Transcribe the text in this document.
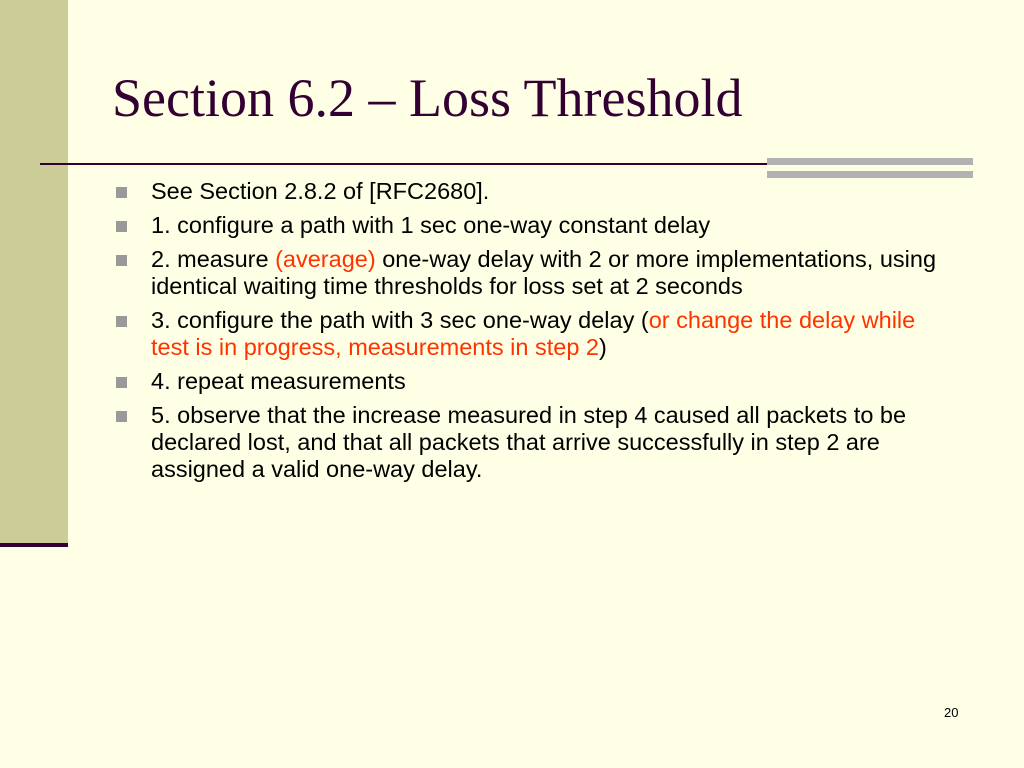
Section 6.2 – Loss Threshold
See Section 2.8.2 of [RFC2680].
1. configure a path with 1 sec one-way constant delay
2. measure (average) one-way delay with 2 or more implementations, using identical waiting time thresholds for loss set at 2 seconds
3. configure the path with 3 sec one-way delay (or change the delay while test is in progress, measurements in step 2)
4. repeat measurements
5. observe that the increase measured in step 4 caused all packets to be declared lost, and that all packets that arrive successfully in step 2 are assigned a valid one-way delay.
20
